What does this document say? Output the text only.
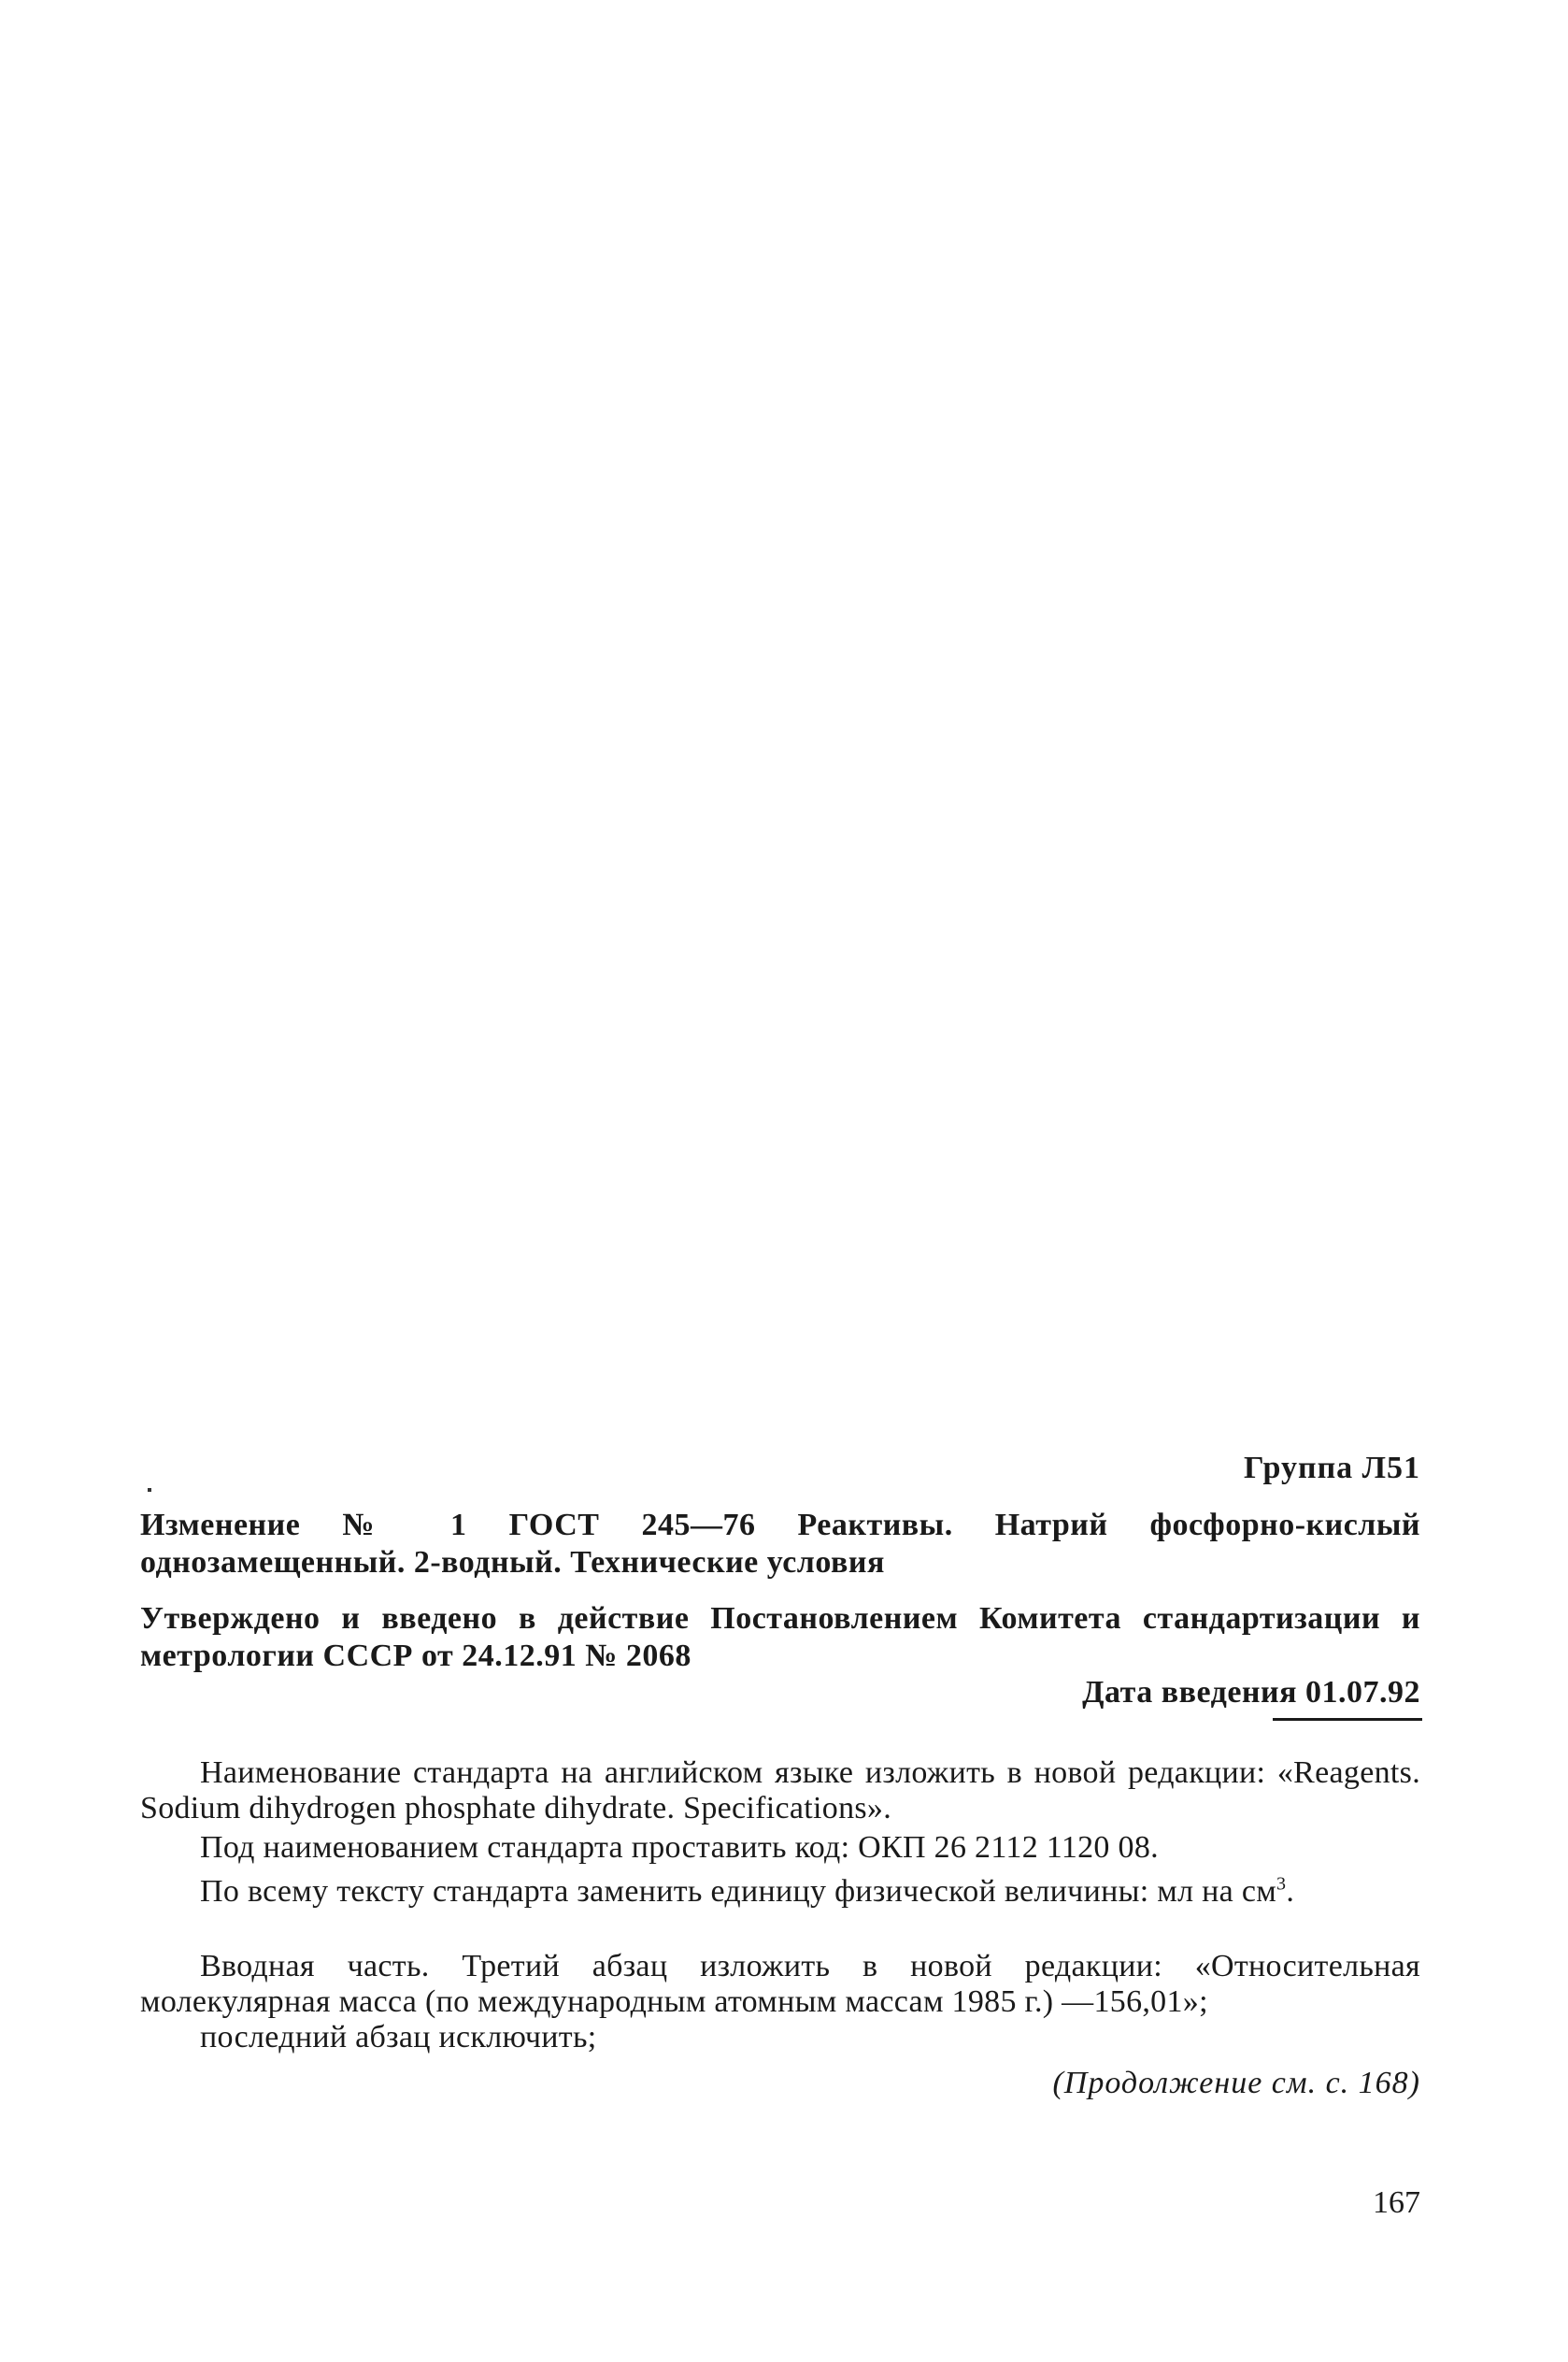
Группа Л51
Изменение № 1 ГОСТ 245—76 Реактивы. Натрий фосфорно-кислый однозамещенный. 2-водный. Технические условия
Утверждено и введено в действие Постановлением Комитета стандартизации и метрологии СССР от 24.12.91 № 2068
Дата введения 01.07.92
Наименование стандарта на английском языке изложить в новой редакции: «Reagents. Sodium dihydrogen phosphate dihydrate. Specifications».
Под наименованием стандарта проставить код: ОКП 26 2112 1120 08.
По всему тексту стандарта заменить единицу физической величины: мл на $см^3$.
Вводная часть. Третий абзац изложить в новой редакции: «Относительная молекулярная масса (по международным атомным массам 1985 г.) —156,01»;
последний абзац исключить;
(Продолжение см. с. 168)
167
